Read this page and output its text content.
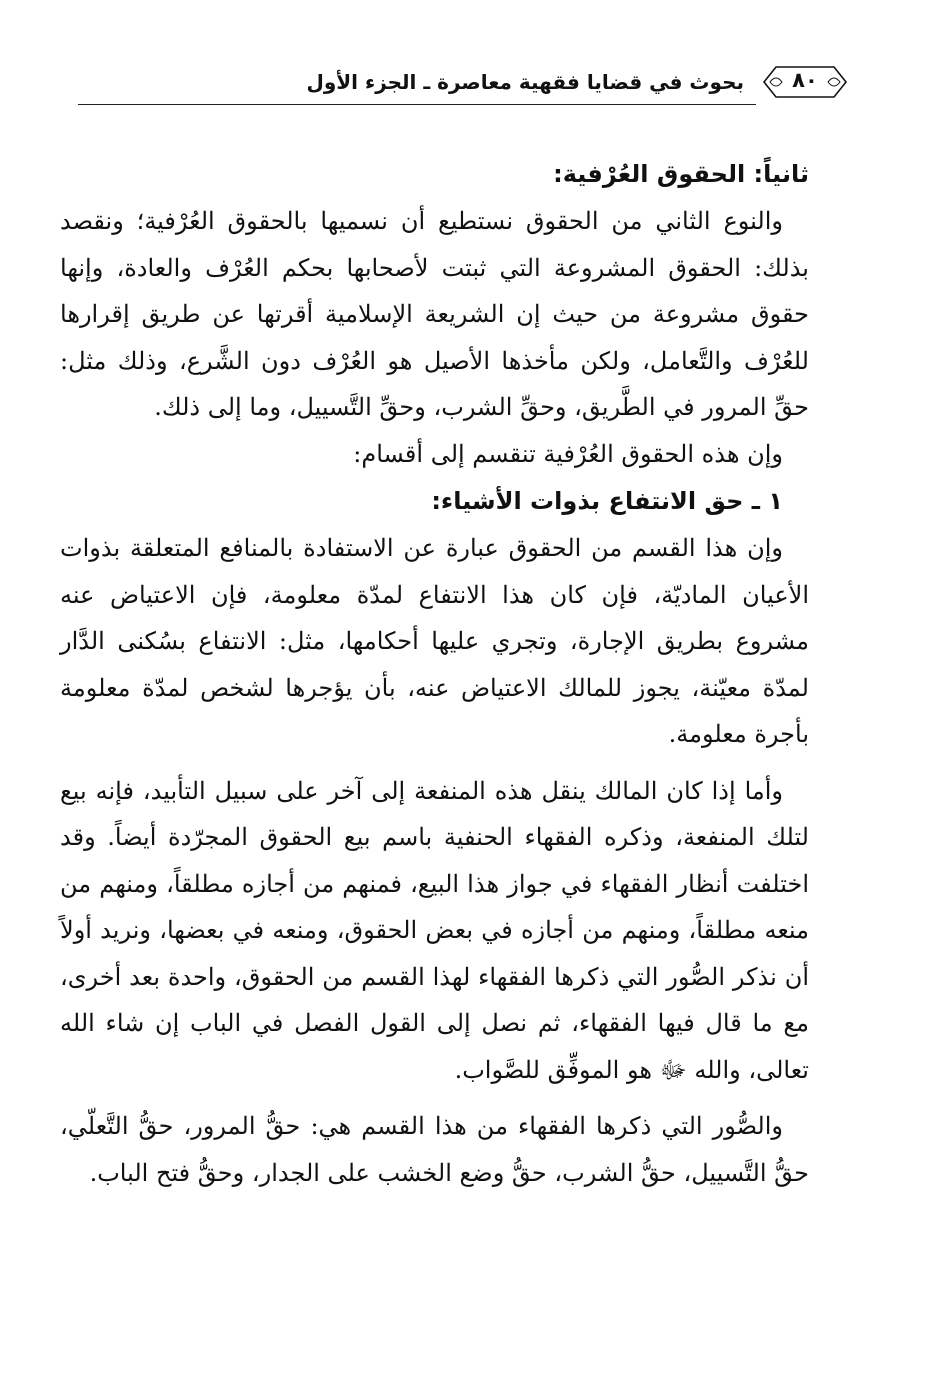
٨٠
بحوث في قضايا فقهية معاصرة ـ الجزء الأول
ثانياً: الحقوق العُرْفية:

والنوع الثاني من الحقوق نستطيع أن نسميها بالحقوق العُرْفية؛ ونقصد بذلك: الحقوق المشروعة التي ثبتت لأصحابها بحكم العُرْف والعادة، وإنها حقوق مشروعة من حيث إن الشريعة الإسلامية أقرتها عن طريق إقرارها للعُرْف والتَّعامل، ولكن مأخذها الأصيل هو العُرْف دون الشَّرع، وذلك مثل: حقِّ المرور في الطَّريق، وحقِّ الشرب، وحقِّ التَّسييل، وما إلى ذلك.

وإن هذه الحقوق العُرْفية تنقسم إلى أقسام:

١ ـ حق الانتفاع بذوات الأشياء:

وإن هذا القسم من الحقوق عبارة عن الاستفادة بالمنافع المتعلقة بذوات الأعيان الماديّة، فإن كان هذا الانتفاع لمدّة معلومة، فإن الاعتياض عنه مشروع بطريق الإجارة، وتجري عليها أحكامها، مثل: الانتفاع بسُكنى الدَّار لمدّة معيّنة، يجوز للمالك الاعتياض عنه، بأن يؤجرها لشخص لمدّة معلومة بأجرة معلومة.

وأما إذا كان المالك ينقل هذه المنفعة إلى آخر على سبيل التأبيد، فإنه بيع لتلك المنفعة، وذكره الفقهاء الحنفية باسم بيع الحقوق المجرّدة أيضاً. وقد اختلفت أنظار الفقهاء في جواز هذا البيع، فمنهم من أجازه مطلقاً، ومنهم من منعه مطلقاً، ومنهم من أجازه في بعض الحقوق، ومنعه في بعضها، ونريد أولاً أن نذكر الصُّور التي ذكرها الفقهاء لهذا القسم من الحقوق، واحدة بعد أخرى، مع ما قال فيها الفقهاء، ثم نصل إلى القول الفصل في الباب إن شاء الله تعالى، والله ﷻ هو الموفِّق للصَّواب.

والصُّور التي ذكرها الفقهاء من هذا القسم هي: حقُّ المرور، حقُّ التَّعلّي، حقُّ التَّسييل، حقُّ الشرب، حقُّ وضع الخشب على الجدار، وحقُّ فتح الباب.
